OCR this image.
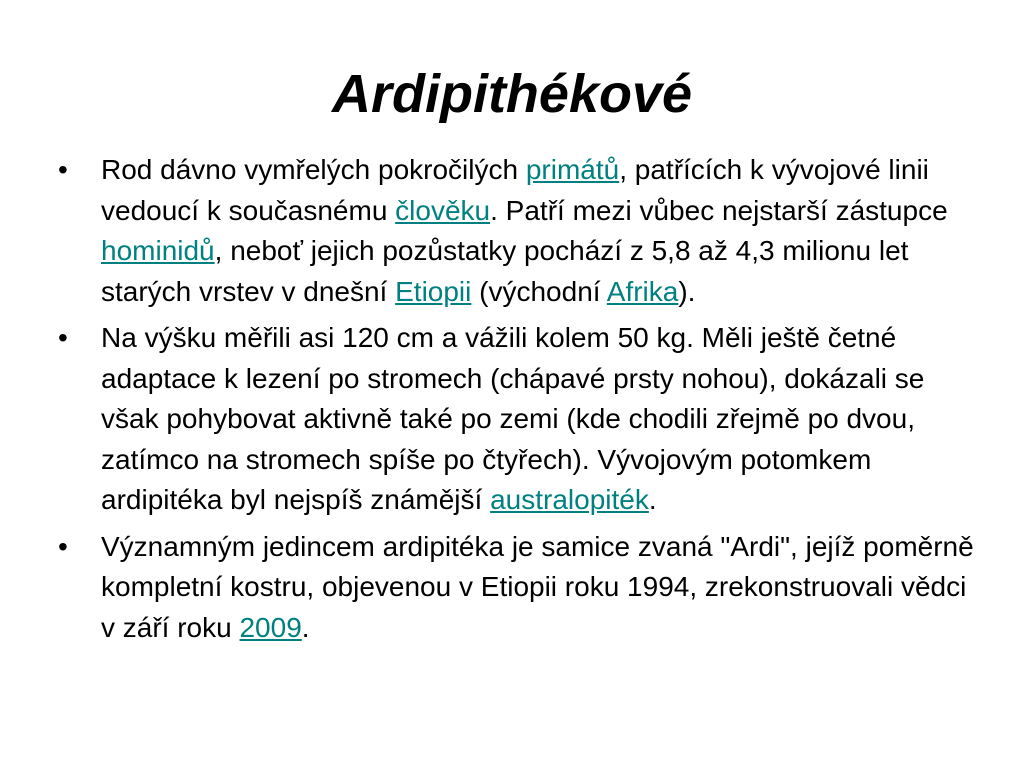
Ardipithékové
• Rod dávno vymřelých pokročilých primátů, patřících k vývojové linii vedoucí k současnému člověku. Patří mezi vůbec nejstarší zástupce hominidů, neboť jejich pozůstatky pochází z 5,8 až 4,3 milionu let starých vrstev v dnešní Etiopii (východní Afrika).
• Na výšku měřili asi 120 cm a vážili kolem 50 kg. Měli ještě četné adaptace k lezení po stromech (chápavé prsty nohou), dokázali se však pohybovat aktivně také po zemi (kde chodili zřejmě po dvou, zatímco na stromech spíše po čtyřech). Vývojovým potomkem ardipitéka byl nejspíš známější australopiték.
• Významným jedincem ardipitéka je samice zvaná "Ardi", jejíž poměrně kompletní kostru, objevenou v Etiopii roku 1994, zrekonstruovali vědci v září roku 2009.
